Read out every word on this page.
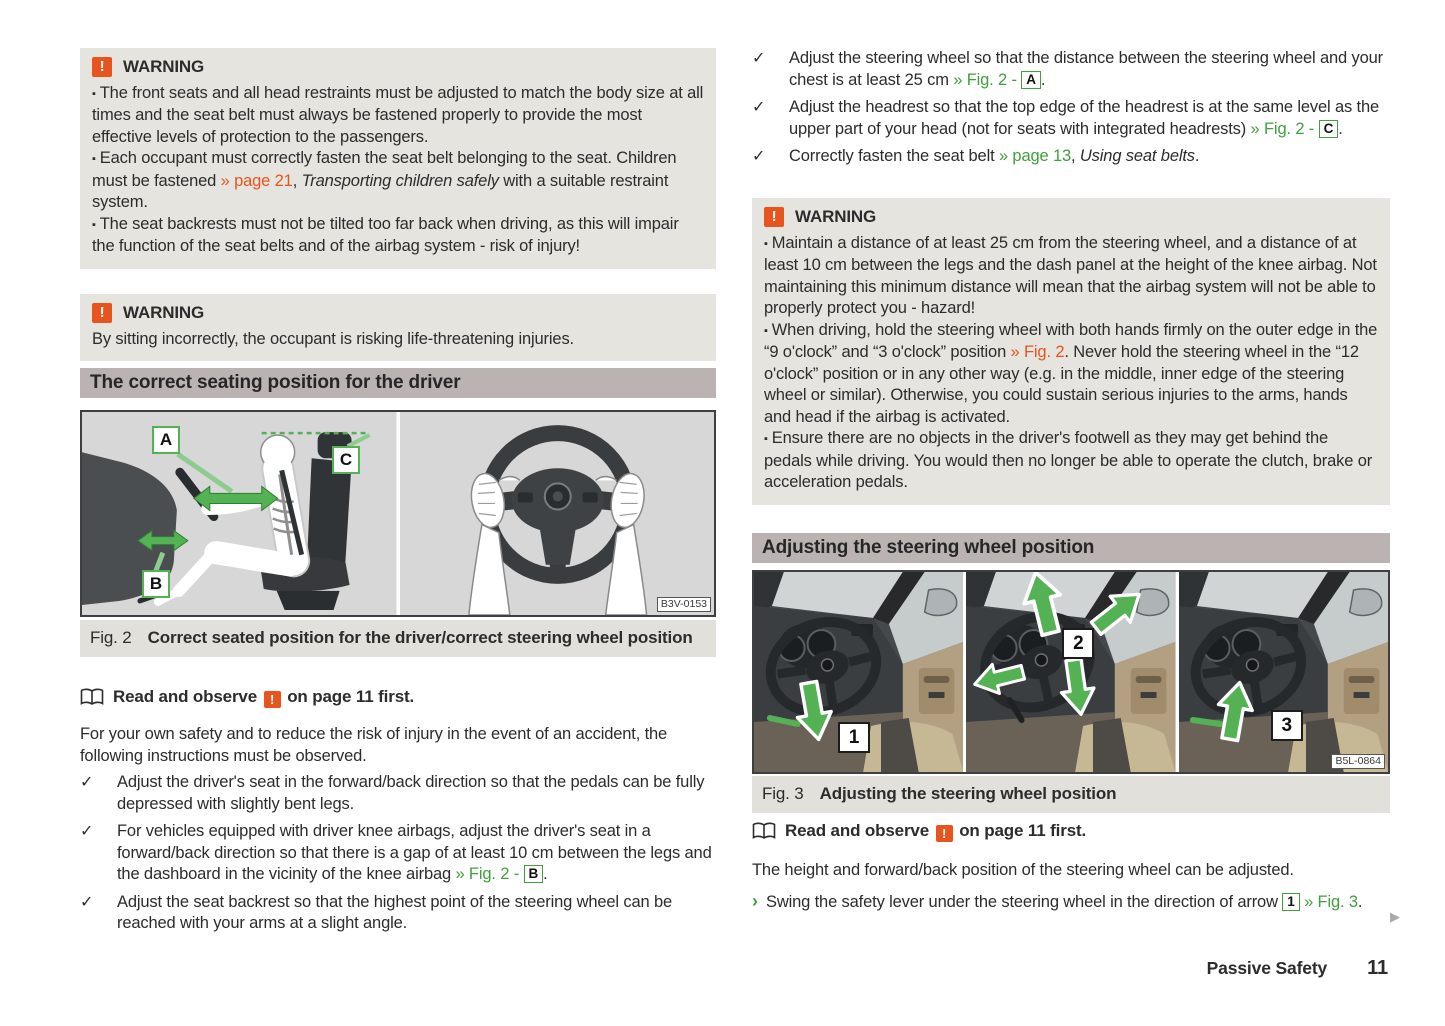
!	WARNING

▪ The front seats and all head restraints must be adjusted to match the body size at all times and the seat belt must always be fastened properly to provide the most effective levels of protection to the passengers.

▪ Each occupant must correctly fasten the seat belt belonging to the seat. Children must be fastened » page 21, Transporting children safely with a suitable restraint system.

▪ The seat backrests must not be tilted too far back when driving, as this will impair the function of the seat belts and of the airbag system - risk of injury!

!	WARNING

By sitting incorrectly, the occupant is risking life-threatening injuries.

The correct seating position for the driver
A
C
B
B3V-0153
Fig. 2 Correct seated position for the driver/correct steering wheel position
Read and observe ! on page 11 first.

For your own safety and to reduce the risk of injury in the event of an accident, the following instructions must be observed.

✓	Adjust the driver's seat in the forward/back direction so that the pedals can be fully depressed with slightly bent legs.

✓	For vehicles equipped with driver knee airbags, adjust the driver's seat in a forward/back direction so that there is a gap of at least 10 cm between the legs and the dashboard in the vicinity of the knee airbag » Fig. 2 - B .

✓	Adjust the seat backrest so that the highest point of the steering wheel can be reached with your arms at a slight angle.

✓	Adjust the steering wheel so that the distance between the steering wheel and your chest is at least 25 cm » Fig. 2 - A .

✓	Adjust the headrest so that the top edge of the headrest is at the same level as the upper part of your head (not for seats with integrated headrests) » Fig. 2 - C .

✓	Correctly fasten the seat belt » page 13, Using seat belts.

!	WARNING

▪ Maintain a distance of at least 25 cm from the steering wheel, and a distance of at least 10 cm between the legs and the dash panel at the height of the knee airbag. Not maintaining this minimum distance will mean that the airbag system will not be able to properly protect you - hazard!

▪ When driving, hold the steering wheel with both hands firmly on the outer edge in the “9 o'clock” and “3 o'clock” position » Fig. 2. Never hold the steering wheel in the “12 o'clock” position or in any other way (e.g. in the middle, inner edge of the steering wheel or similar). Otherwise, you could sustain serious injuries to the arms, hands and head if the airbag is activated.

▪ Ensure there are no objects in the driver's footwell as they may get behind the pedals while driving. You would then no longer be able to operate the clutch, brake or acceleration pedals.

Adjusting the steering wheel position
1
2
3
B5L-0864
Fig. 3 Adjusting the steering wheel position
Read and observe ! on page 11 first.

The height and forward/back position of the steering wheel can be adjusted.

› Swing the safety lever under the steering wheel in the direction of arrow 1 » Fig. 3.
Passive Safety 11
▶
